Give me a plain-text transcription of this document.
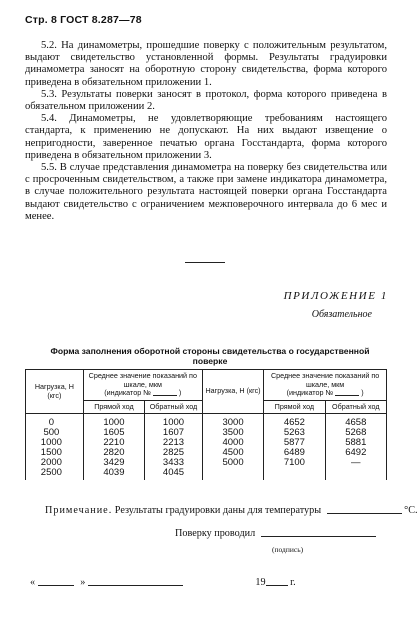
Стр. 8 ГОСТ 8.287—78

5.2. На динамометры, прошедшие поверку с положительным результатом, выдают свидетельство установленной формы. Результаты градуировки динамометра заносят на оборотную сторону свидетельства, форма которого приведена в обязательном приложении 1.

5.3. Результаты поверки заносят в протокол, форма которого приведена в обязательном приложении 2.

5.4. Динамометры, не удовлетворяющие требованиям настоящего стандарта, к применению не допускают. На них выдают извещение о непригодности, заверенное печатью органа Госстандарта, форма которого приведена в обязательном приложении 3.

5.5. В случае представления динамометра на поверку без свидетельства или с просроченным свидетельством, а также при замене индикатора динамометра, в случае положительного результата настоящей поверки органа Госстандарта выдают свидетельство с ограничением межповерочного интервала до 6 мес и менее.

ПРИЛОЖЕНИЕ 1
Обязательное
Форма заполнения оборотной стороны свидетельства о государственной поверке
Нагрузка, Н (кгс)	Среднее значение показаний по шкале, мкм
(индикатор № )		Нагрузка, Н (кгс)	Среднее значение показаний по шкале, мкм
(индикатор № )	
	Прямой ход	Обратный ход		Прямой ход	Обратный ход
0	1000	1000	3000	4652	4658
500	1605	1607	3500	5263	5268
1000	2210	2213	4000	5877	5881
1500	2820	2825	4500	6489	6492
2000	3429	3433	5000	7100	—
2500	4039	4045			
Примечание. Результаты градуировки даны для температуры	°С.
Поверку проводил
(подпись)
«	»	19 г.
